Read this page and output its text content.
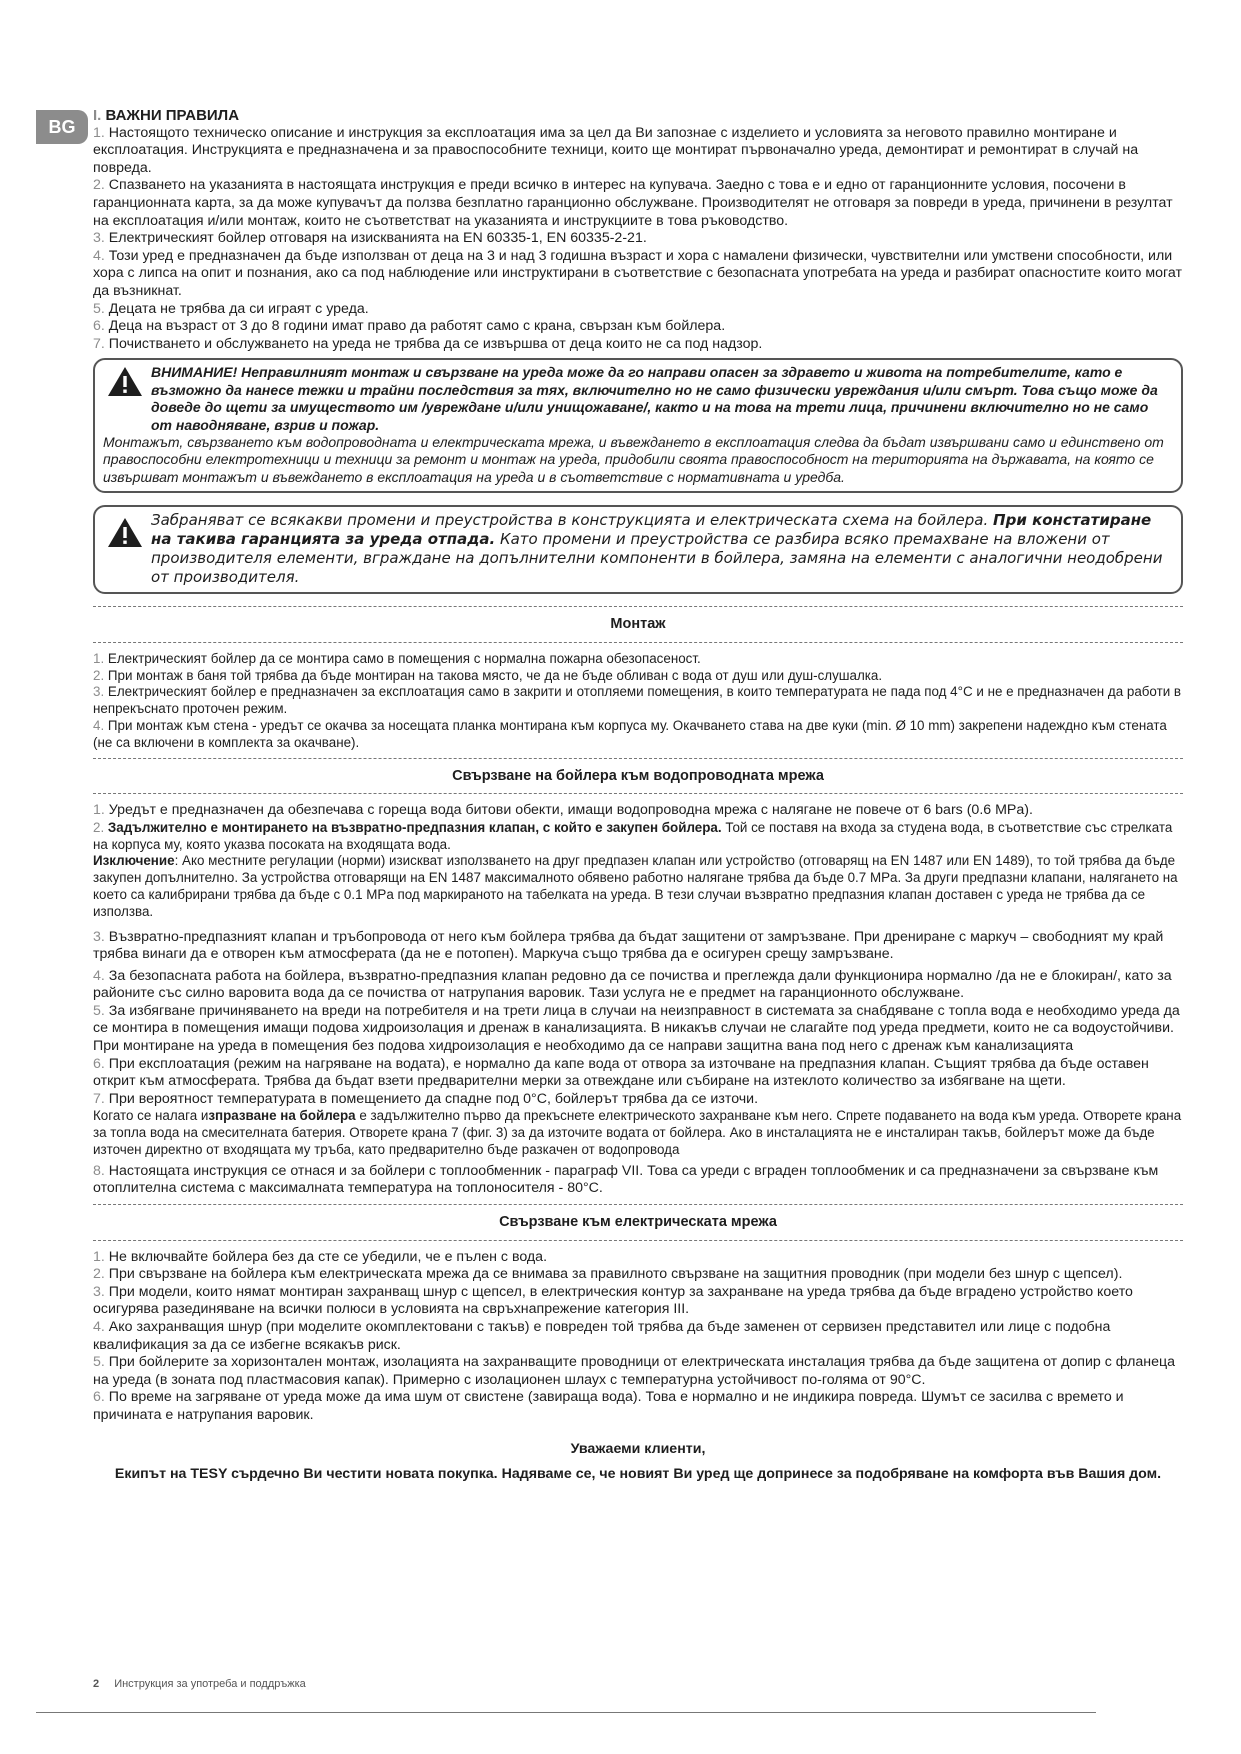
BG

I. ВАЖНИ ПРАВИЛА

1. Настоящото техническо описание и инструкция за експлоатация има за цел да Ви запознае с изделието и условията за неговото правилно монтиране и експлоатация. Инструкцията е предназначена и за правоспособните техници, които ще монтират първоначално уреда, демонтират и ремонтират в случай на повреда.

2. Спазването на указанията в настоящата инструкция е преди всичко в интерес на купувача. Заедно с това е и едно от гаранционните условия, посочени в гаранционната карта, за да може купувачът да ползва безплатно гаранционно обслужване. Производителят не отговаря за повреди в уреда, причинени в резултат на експлоатация и/или монтаж, които не съответстват на указанията и инструкциите в това ръководство.

3. Електрическият бойлер отговаря на изискванията на EN 60335-1, EN 60335-2-21.

4. Този уред е предназначен да бъде използван от деца на 3 и над 3 годишна възраст и хора с намалени физически, чувствителни или умствени способности, или хора с липса на опит и познания, ако са под наблюдение или инструктирани в съответствие с безопасната употребата на уреда и разбират опасностите които могат да възникнат.

5. Децата не трябва да си играят с уреда.

6. Деца на възраст от 3 до 8 години имат право да работят само с крана, свързан към бойлера.

7. Почистването и обслужването на уреда не трябва да се извършва от деца които не са под надзор.

ВНИМАНИЕ! Неправилният монтаж и свързване на уреда може да го направи опасен за здравето и живота на потребителите, като е възможно да нанесе тежки и трайни последствия за тях, включително но не само физически увреждания и/или смърт. Това също може да доведе до щети за имуществото им /увреждане и/или унищожаване/, както и на това на трети лица, причинени включително но не само от наводняване, взрив и пожар.

Монтажът, свързването към водопроводната и електрическата мрежа, и въвеждането в експлоатация следва да бъдат извършвани само и единствено от правоспособни електротехници и техници за ремонт и монтаж на уреда, придобили своята правоспособност на територията на държавата, на която се извършват монтажът и въвеждането в експлоатация на уреда и в съответствие с нормативната и уредба.

Забраняват се всякакви промени и преустройства в конструкцията и електрическата схема на бойлера. При констатиране на такива гаранцията за уреда отпада. Като промени и преустройства се разбира всяко премахване на вложени от производителя елементи, вграждане на допълнителни компоненти в бойлера, замяна на елементи с аналогични неодобрени от производителя.
Монтаж

1. Електрическият бойлер да се монтира само в помещения с нормална пожарна обезопасеност.

2. При монтаж в баня той трябва да бъде монтиран на такова място, че да не бъде обливан с вода от душ или душ-слушалка.

3. Електрическият бойлер е предназначен за експлоатация само в закрити и отопляеми помещения, в които температурата не пада под 4°C и не е предназначен да работи в непрекъснато проточен режим.

4. При монтаж към стена - уредът се окачва за носещата планка монтирана към корпуса му. Окачването става на две куки (min. Ø 10 mm) закрепени надеждно към стената (не са включени в комплекта за окачване).

Свързване на бойлера към водопроводната мрежа

1. Уредът е предназначен да обезпечава с гореща вода битови обекти, имащи водопроводна мрежа с налягане не повече от 6 bars (0.6 MPa).

2. Задължително е монтирането на възвратно-предпазния клапан, с който е закупен бойлера. Той се поставя на входа за студена вода, в съответствие със стрелката на корпуса му, която указва посоката на входящата вода.

Изключение: Ако местните регулации (норми) изискват използването на друг предпазен клапан или устройство (отговарящ на EN 1487 или EN 1489), то той трябва да бъде закупен допълнително. За устройства отговарящи на EN 1487 максималното обявено работно налягане трябва да бъде 0.7 MPa. За други предпазни клапани, налягането на което са калибрирани трябва да бъде с 0.1 MPa под маркираното на табелката на уреда. В тези случаи възвратно предпазния клапан доставен с уреда не трябва да се използва.

3. Възвратно-предпазният клапан и тръбопровода от него към бойлера трябва да бъдат защитени от замръзване. При дрениране с маркуч – свободният му край трябва винаги да е отворен към атмосферата (да не е потопен). Маркуча също трябва да е осигурен срещу замръзване.

4. За безопасната работа на бойлера, възвратно-предпазния клапан редовно да се почиства и преглежда дали функционира нормално /да не е блокиран/, като за районите със силно варовита вода да се почиства от натрупания варовик. Тази услуга не е предмет на гаранционното обслужване.

5. За избягване причиняването на вреди на потребителя и на трети лица в случаи на неизправност в системата за снабдяване с топла вода е необходимо уреда да се монтира в помещения имащи подова хидроизолация и дренаж в канализацията. В никакъв случаи не слагайте под уреда предмети, които не са водоустойчиви. При монтиране на уреда в помещения без подова хидроизолация е необходимо да се направи защитна вана под него с дренаж към канализацията

6. При експлоатация (режим на нагряване на водата), е нормално да капе вода от отвора за източване на предпазния клапан. Същият трябва да бъде оставен открит към атмосферата. Трябва да бъдат взети предварителни мерки за отвеждане или събиране на изтеклото количество за избягване на щети.

7. При вероятност температурата в помещението да спадне под 0°C, бойлерът трябва да се източи.

Когато се налага изпразване на бойлера е задължително първо да прекъснете електрическото захранване към него. Спрете подаването на вода към уреда. Отворете крана за топла вода на смесителната батерия. Отворете крана 7 (фиг. 3) за да източите водата от бойлера. Ако в инсталацията не е инсталиран такъв, бойлерът може да бъде източен директно от входящата му тръба, като предварително бъде разкачен от водопровода

8. Настоящата инструкция се отнася и за бойлери с топлообменник - параграф VII. Това са уреди с вграден топлообменик и са предназначени за свързване към отоплителна система с максималната температура на топлоносителя - 80°C.

Свързване към електрическата мрежа

1. Не включвайте бойлера без да сте се убедили, че е пълен с вода.

2. При свързване на бойлера към електрическата мрежа да се внимава за правилното свързване на защитния проводник (при модели без шнур с щепсел).

3. При модели, които нямат монтиран захранващ шнур с щепсел, в електрическия контур за захранване на уреда трябва да бъде вградено устройство което осигурява разединяване на всички полюси в условията на свръхнапрежение категория III.

4. Ако захранващия шнур (при моделите окомплектовани с такъв) е повреден той трябва да бъде заменен от сервизен представител или лице с подобна квалификация за да се избегне всякакъв риск.

5. При бойлерите за хоризонтален монтаж, изолацията на захранващите проводници от електрическата инсталация трябва да бъде защитена от допир с фланеца на уреда (в зоната под пластмасовия капак). Примерно с изолационен шлаух с температурна устойчивост по-голяма от 90°C.

6. По време на загряване от уреда може да има шум от свистене (завираща вода). Това е нормално и не индикира повреда. Шумът се засилва с времето и причината е натрупания варовик.

Уважаеми клиенти,

Екипът на TESY сърдечно Ви честити новата покупка. Надяваме се, че новият Ви уред ще допринесе за подобряване на комфорта във Вашия дом.

2 Инструкция за употреба и поддръжка
